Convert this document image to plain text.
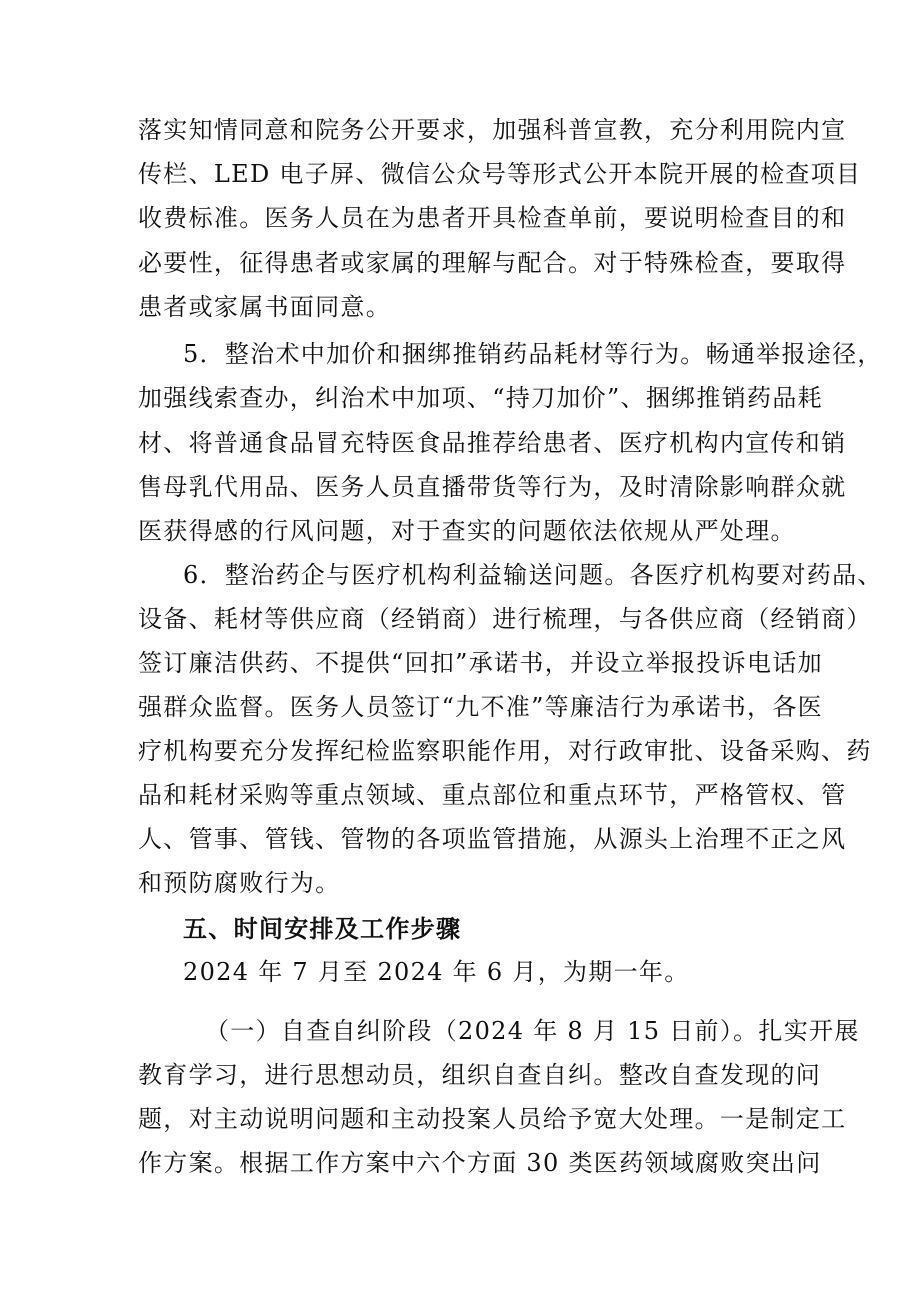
落实知情同意和院务公开要求，加强科普宣教，充分利用院内宣
传栏、LED 电子屏、微信公众号等形式公开本院开展的检查项目
收费标准。医务人员在为患者开具检查单前，要说明检查目的和
必要性，征得患者或家属的理解与配合。对于特殊检查，要取得
患者或家属书面同意。
5．整治术中加价和捆绑推销药品耗材等行为。畅通举报途径，
加强线索查办，纠治术中加项、“持刀加价”、捆绑推销药品耗
材、将普通食品冒充特医食品推荐给患者、医疗机构内宣传和销
售母乳代用品、医务人员直播带货等行为，及时清除影响群众就
医获得感的行风问题，对于查实的问题依法依规从严处理。
6．整治药企与医疗机构利益输送问题。各医疗机构要对药品、
设备、耗材等供应商（经销商）进行梳理，与各供应商（经销商）
签订廉洁供药、不提供“回扣”承诺书，并设立举报投诉电话加
强群众监督。医务人员签订“九不准”等廉洁行为承诺书，各医
疗机构要充分发挥纪检监察职能作用，对行政审批、设备采购、药
品和耗材采购等重点领域、重点部位和重点环节，严格管权、管
人、管事、管钱、管物的各项监管措施，从源头上治理不正之风
和预防腐败行为。
五、时间安排及工作步骤
2024 年 7 月至 2024 年 6 月，为期一年。
（一）自查自纠阶段（2024 年 8 月 15 日前）。扎实开展
教育学习，进行思想动员，组织自查自纠。整改自查发现的问
题，对主动说明问题和主动投案人员给予宽大处理。一是制定工
作方案。根据工作方案中六个方面 30 类医药领域腐败突出问
